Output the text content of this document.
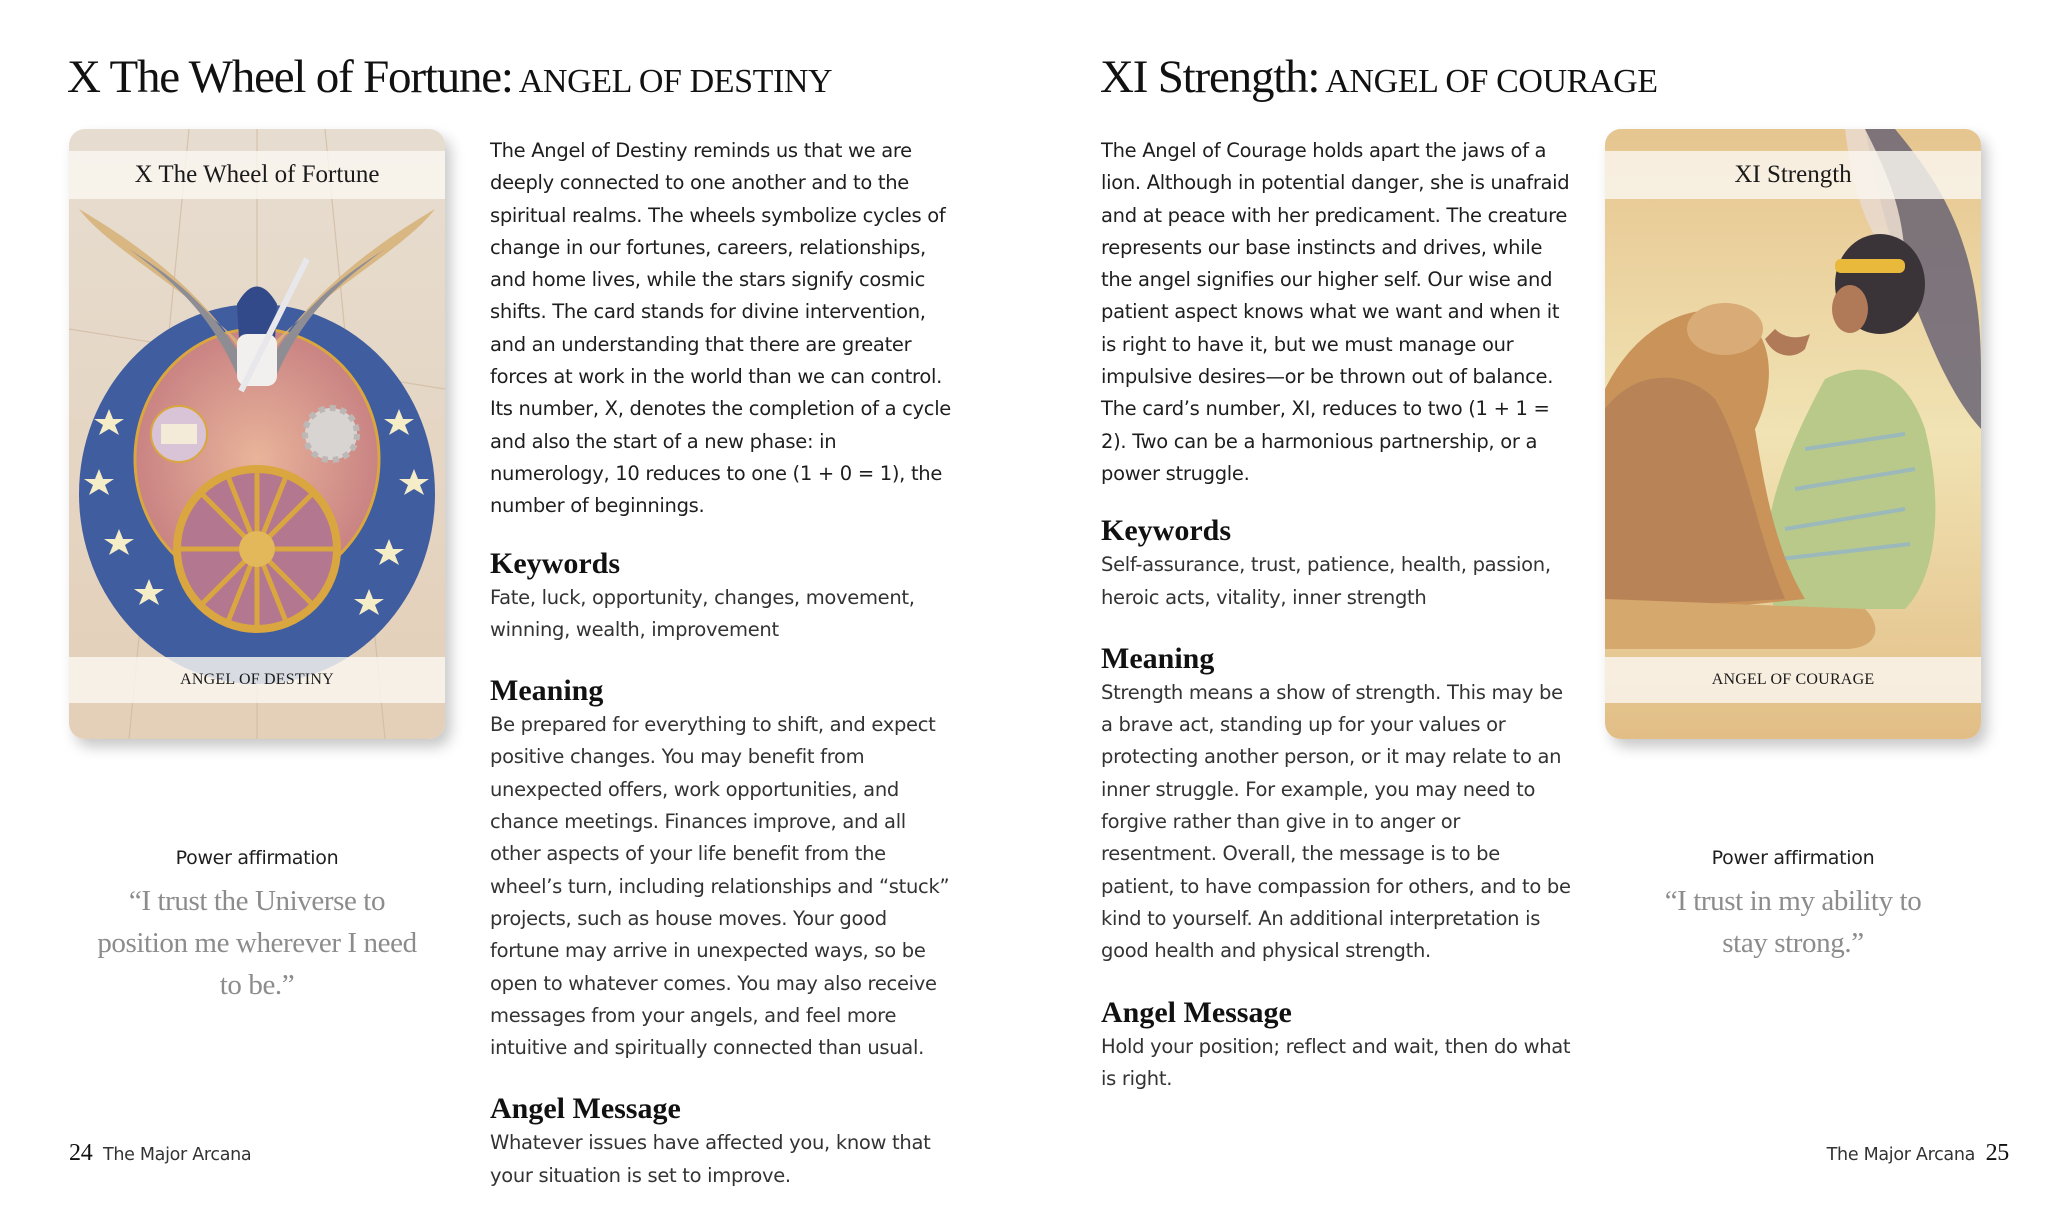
X The Wheel of Fortune: ANGEL OF DESTINY
X The Wheel of Fortune
ANGEL OF DESTINY
Power affirmation
“I trust the Universe to position me wherever I need to be.”

The Angel of Destiny reminds us that we are deeply connected to one another and to the spiritual realms. The wheels symbolize cycles of change in our fortunes, careers, relationships, and home lives, while the stars signify cosmic shifts. The card stands for divine intervention, and an understanding that there are greater forces at work in the world than we can control. Its number, X, denotes the completion of a cycle and also the start of a new phase: in numerology, 10 reduces to one (1 + 0 = 1), the number of beginnings.

Keywords

Fate, luck, opportunity, changes, movement, winning, wealth, improvement

Meaning

Be prepared for everything to shift, and expect positive changes. You may benefit from unexpected offers, work opportunities, and chance meetings. Finances improve, and all other aspects of your life benefit from the wheel’s turn, including relationships and “stuck” projects, such as house moves. Your good fortune may arrive in unexpected ways, so be open to whatever comes. You may also receive messages from your angels, and feel more intuitive and spiritually connected than usual.

Angel Message

Whatever issues have affected you, know that your situation is set to improve.

24 The Major Arcana
XI Strength: ANGEL OF COURAGE

The Angel of Courage holds apart the jaws of a lion. Although in potential danger, she is unafraid and at peace with her predicament. The creature represents our base instincts and drives, while the angel signifies our higher self. Our wise and patient aspect knows what we want and when it is right to have it, but we must manage our impulsive desires—or be thrown out of balance. The card’s number, XI, reduces to two (1 + 1 = 2). Two can be a harmonious partnership, or a power struggle.

Keywords

Self-assurance, trust, patience, health, passion, heroic acts, vitality, inner strength

Meaning

Strength means a show of strength. This may be a brave act, standing up for your values or protecting another person, or it may relate to an inner struggle. For example, you may need to forgive rather than give in to anger or resentment. Overall, the message is to be patient, to have compassion for others, and to be kind to yourself. An additional interpretation is good health and physical strength.

Angel Message

Hold your position; reflect and wait, then do what is right.

XI Strength
ANGEL OF COURAGE
Power affirmation
“I trust in my ability to stay strong.”
The Major Arcana 25
